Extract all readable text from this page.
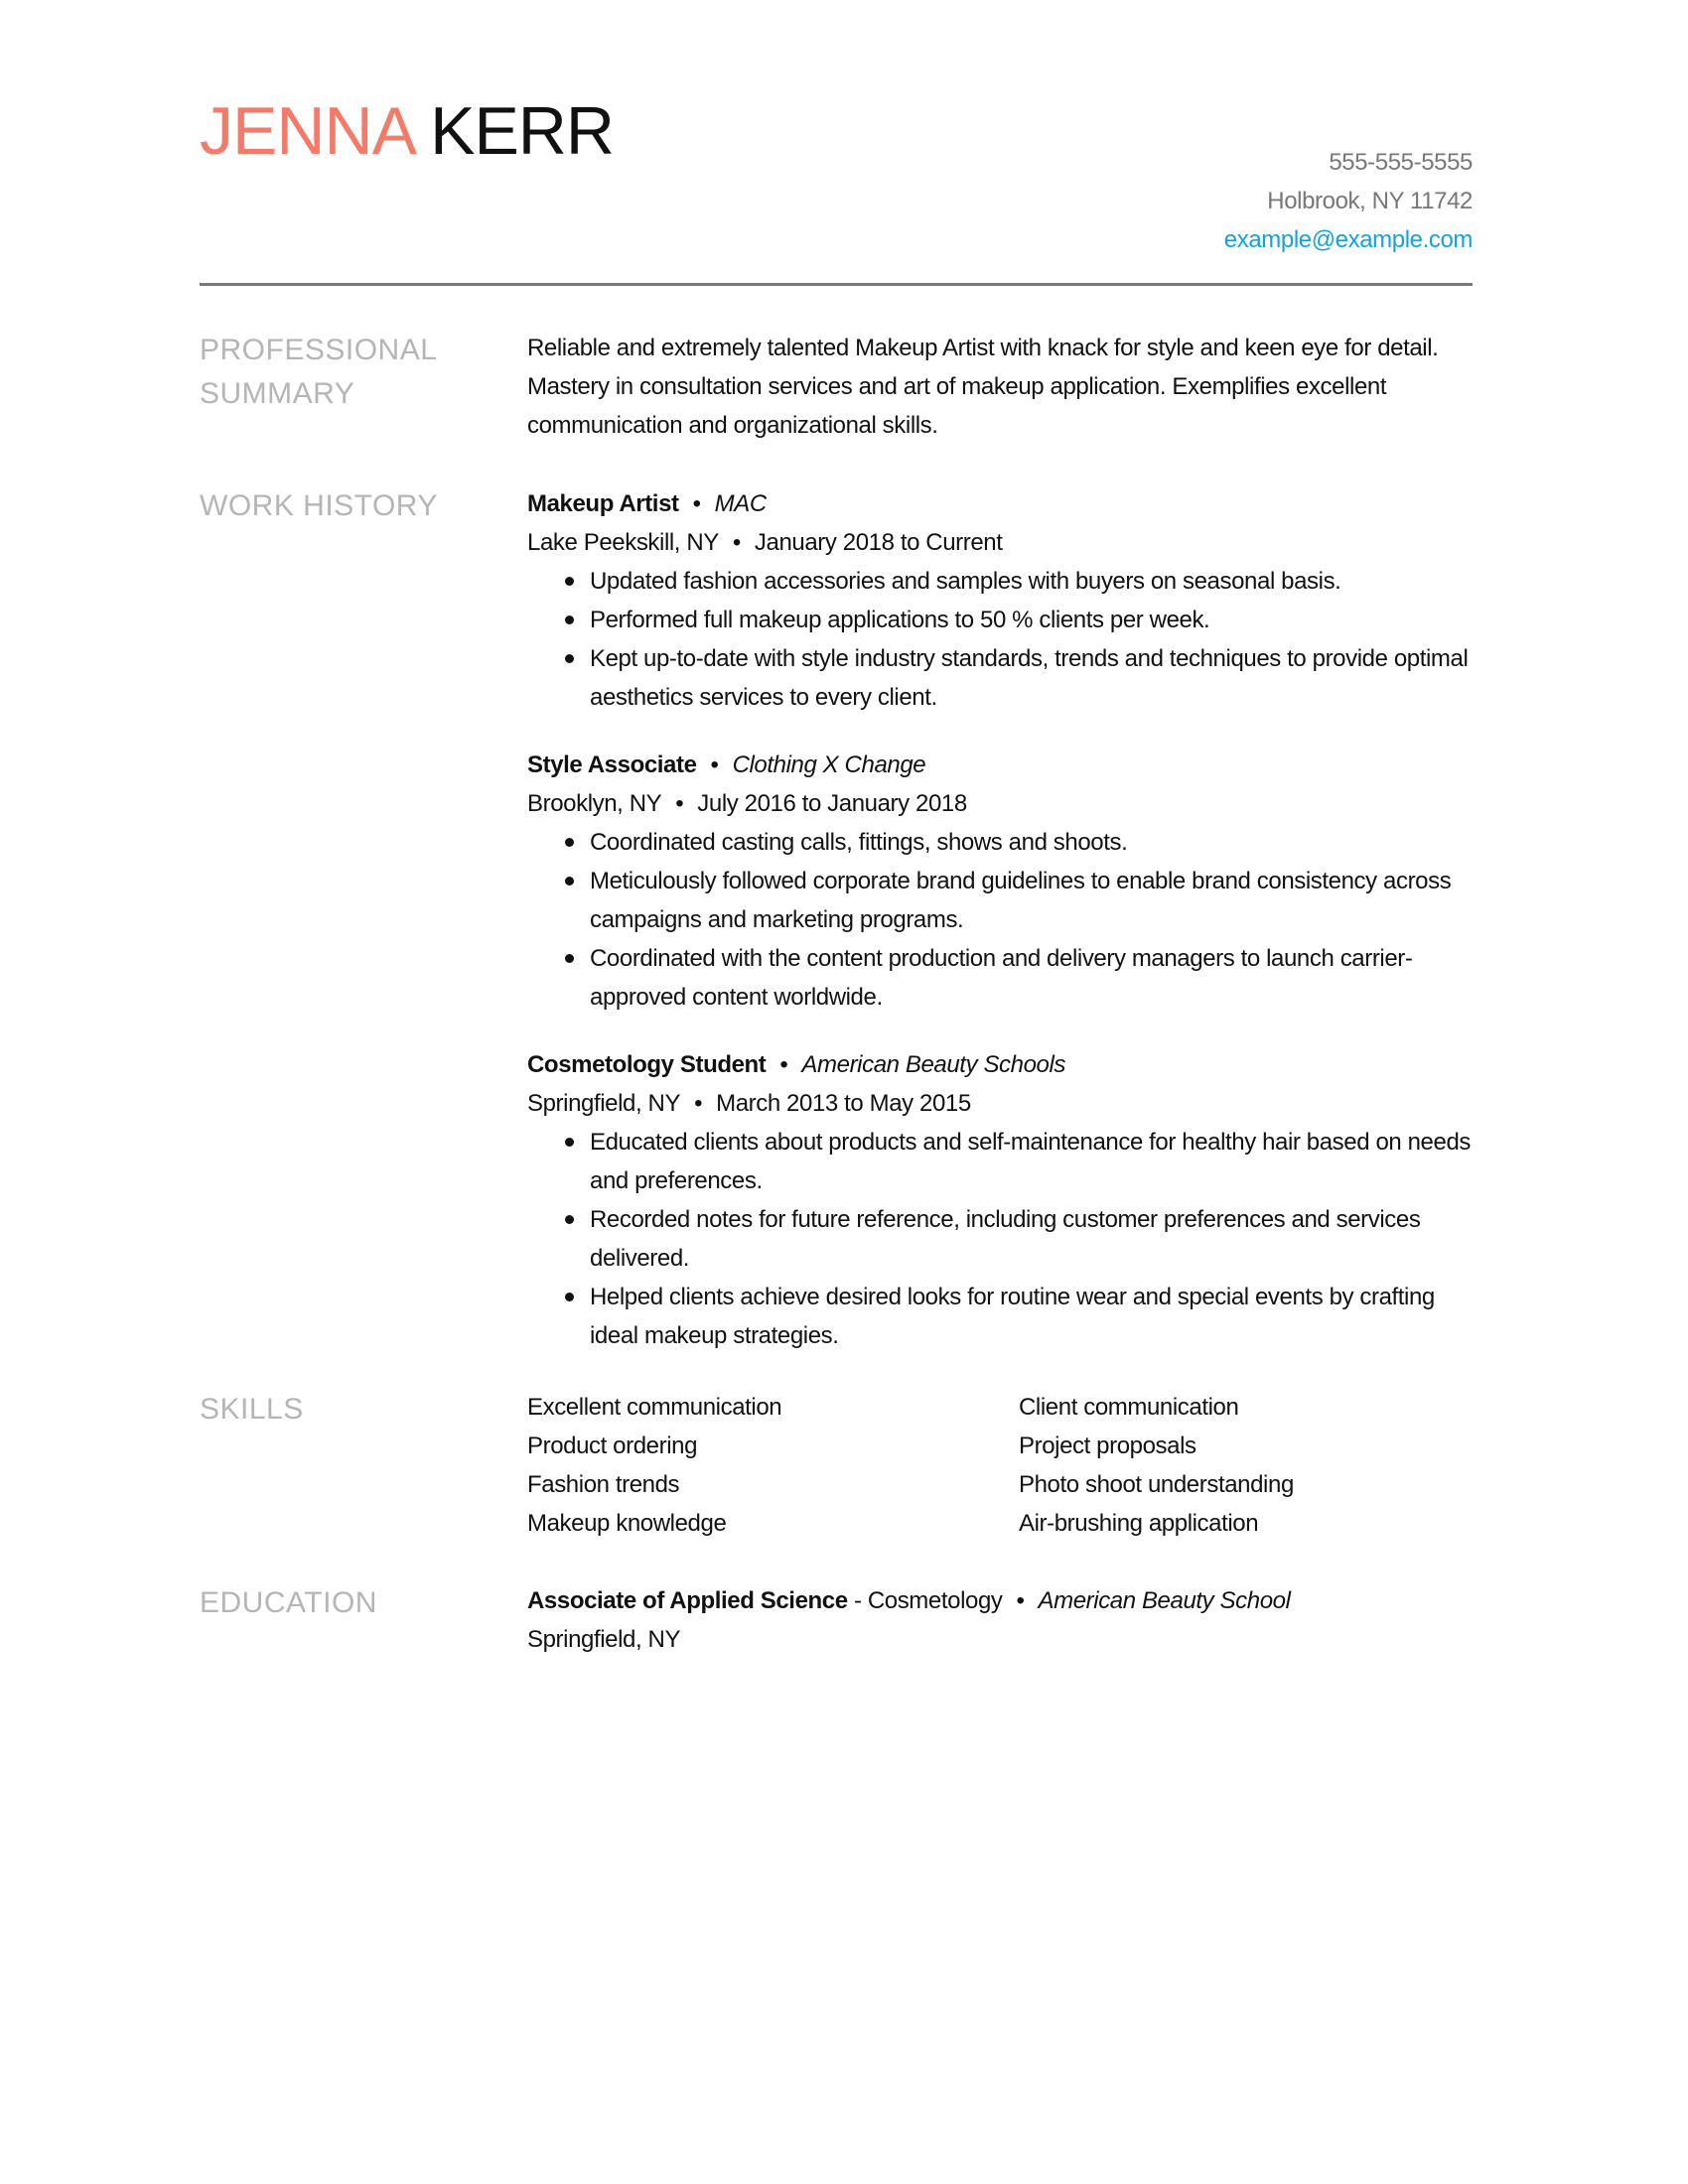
JENNA KERR	555-555-5555
Holbrook, NY 11742
example@example.com
PROFESSIONAL SUMMARY
Reliable and extremely talented Makeup Artist with knack for style and keen eye for detail. Mastery in consultation services and art of makeup application. Exemplifies excellent communication and organizational skills.
WORK HISTORY	Makeup Artist • MAC
Lake Peekskill, NY • January 2018 to Current
Updated fashion accessories and samples with buyers on seasonal basis.
Performed full makeup applications to 50 % clients per week.
Kept up-to-date with style industry standards, trends and techniques to provide optimal aesthetics services to every client.
Style Associate • Clothing X Change
Brooklyn, NY • July 2016 to January 2018
Coordinated casting calls, fittings, shows and shoots.
Meticulously followed corporate brand guidelines to enable brand consistency across campaigns and marketing programs.
Coordinated with the content production and delivery managers to launch carrier-approved content worldwide.
Cosmetology Student • American Beauty Schools
Springfield, NY • March 2013 to May 2015
Educated clients about products and self-maintenance for healthy hair based on needs and preferences.
Recorded notes for future reference, including customer preferences and services delivered.
Helped clients achieve desired looks for routine wear and special events by crafting ideal makeup strategies.
SKILLS	Excellent communication	Client communication
Product ordering	Project proposals
Fashion trends	Photo shoot understanding
Makeup knowledge	Air-brushing application
EDUCATION	Associate of Applied Science - Cosmetology • American Beauty School
Springfield, NY
